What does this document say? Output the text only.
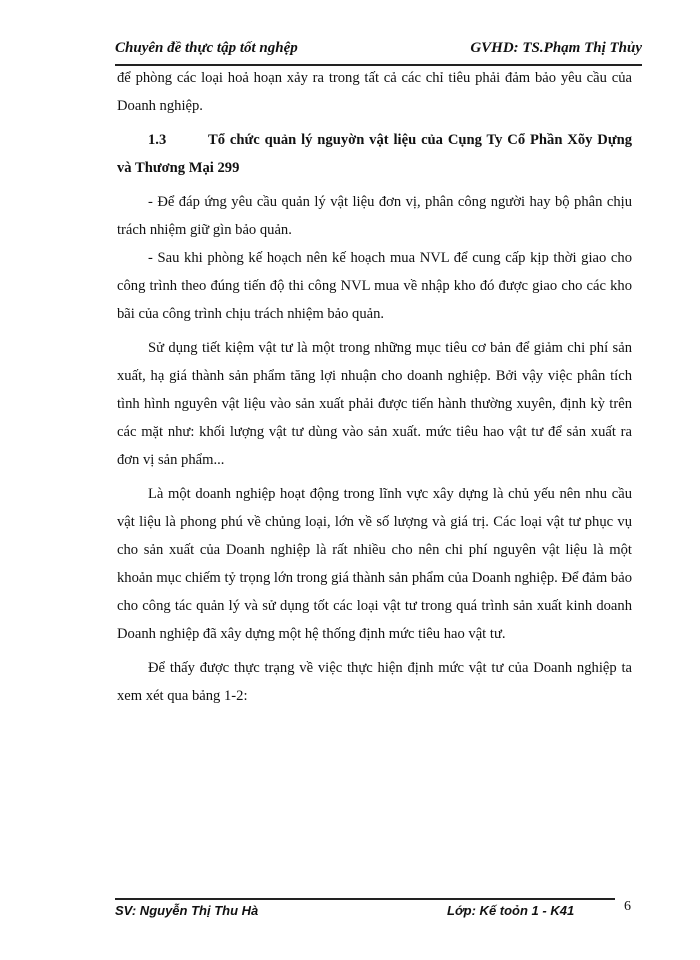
Chuyên đề thực tập tốt nghệp	GVHD: TS.Phạm Thị Thủy

để phòng các loại hoả hoạn xảy ra trong tất cả các chỉ tiêu phải đảm bảo yêu cầu của Doanh nghiệp.

1.3	Tổ chức quản lý nguyờn vật liệu của Cụng Ty Cổ Phần Xõy Dựng và Thương Mại 299

- Để đáp ứng yêu cầu quản lý vật liệu đơn vị, phân công người hay bộ phân chịu trách nhiệm giữ gìn bảo quản.

- Sau khi phòng kế hoạch nên kế hoạch mua NVL để cung cấp kịp thời giao cho công trình theo đúng tiến độ thi công NVL mua về nhập kho đó được giao cho các kho bãi của công trình chịu trách nhiệm bảo quản.

Sử dụng tiết kiệm vật tư là một trong những mục tiêu cơ bản để giảm chi phí sản xuất, hạ giá thành sản phẩm tăng lợi nhuận cho doanh nghiệp. Bởi vậy việc phân tích tình hình nguyên vật liệu vào sản xuất phải được tiến hành thường xuyên, định kỳ trên các mặt như: khối lượng vật tư dùng vào sản xuất. mức tiêu hao vật tư để sản xuất ra đơn vị sản phẩm...

Là một doanh nghiệp hoạt động trong lĩnh vực xây dựng là chủ yếu nên nhu cầu vật liệu là phong phú về chủng loại, lớn về số lượng và giá trị. Các loại vật tư phục vụ cho sản xuất của Doanh nghiệp là rất nhiều cho nên chi phí nguyên vật liệu là một khoản mục chiếm tỷ trọng lớn trong giá thành sản phẩm của Doanh nghiệp. Để đảm bảo cho công tác quản lý và sử dụng tốt các loại vật tư trong quá trình sản xuất kinh doanh Doanh nghiệp đã xây dựng một hệ thống định mức tiêu hao vật tư.

Để thấy được thực trạng về việc thực hiện định mức vật tư của Doanh nghiệp ta xem xét qua bảng 1-2:

SV: Nguyễn Thị Thu Hà	Lớp: Kế toỏn 1 - K41	6
